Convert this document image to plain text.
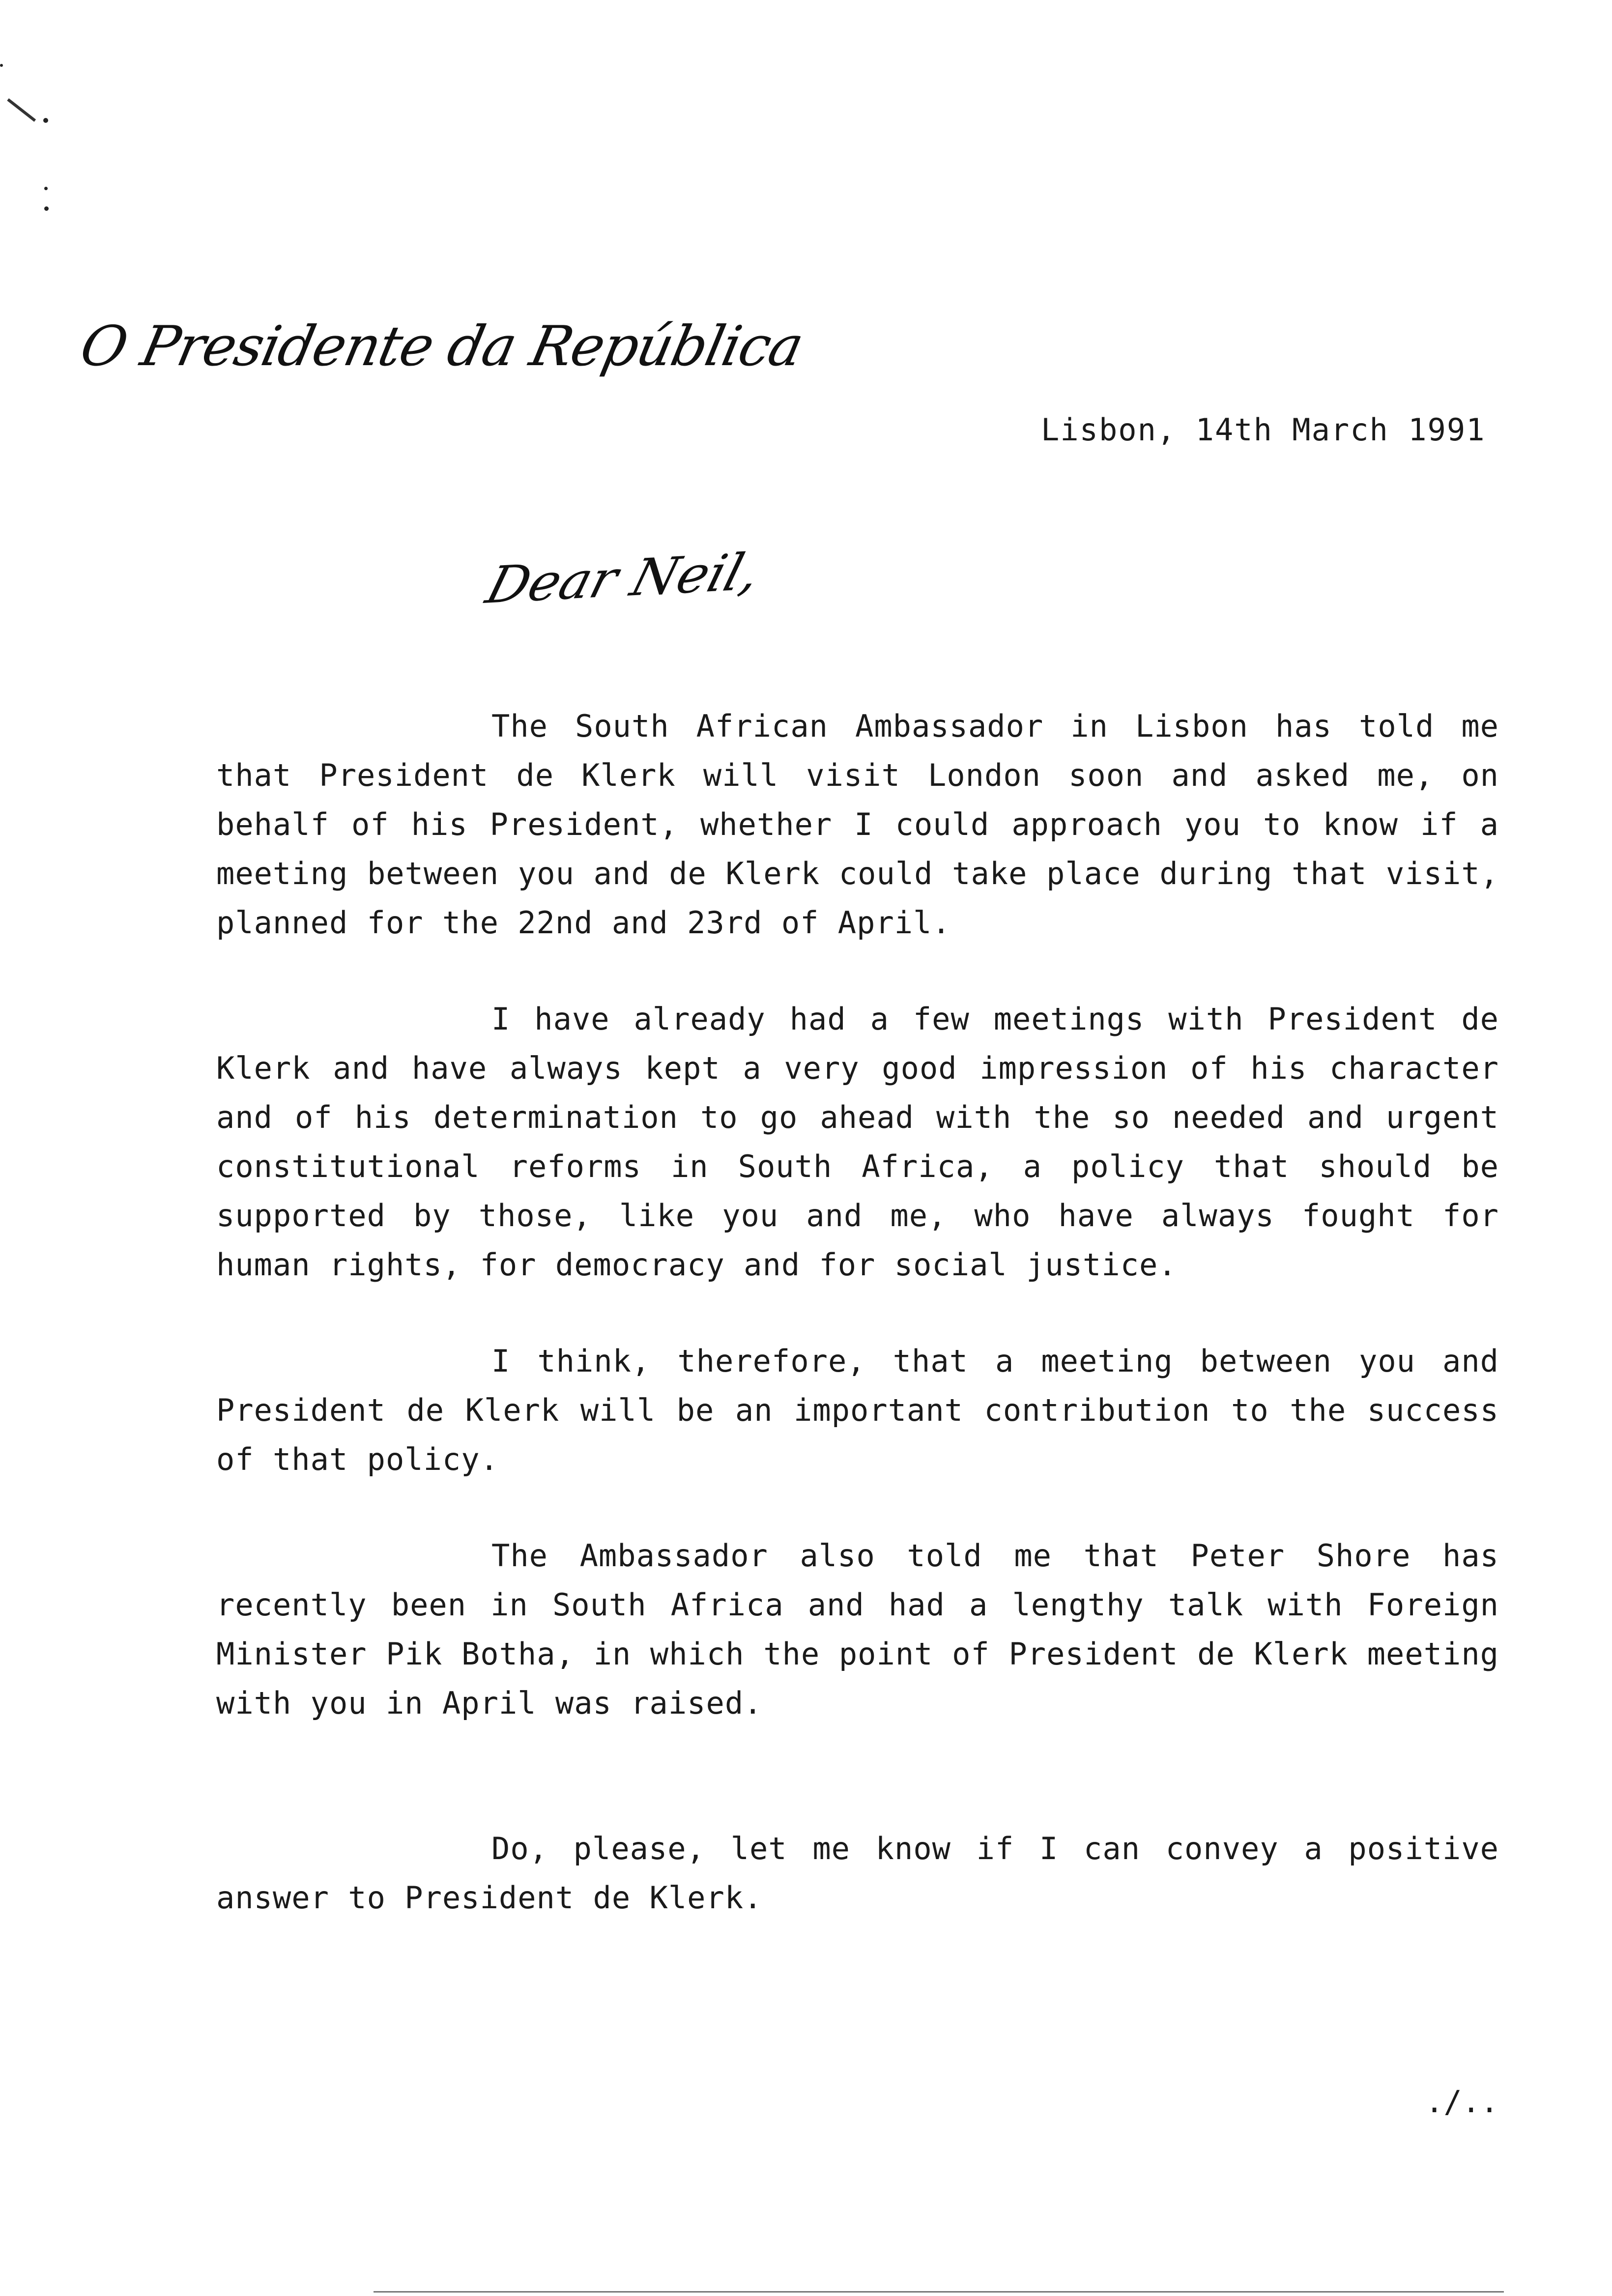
O Presidente da República
Lisbon, 14th March 1991
Dear Neil,

The South African Ambassador in Lisbon has told me that President de Klerk will visit London soon and asked me, on behalf of his President, whether I could approach you to know if a meeting between you and de Klerk could take place during that visit, planned for the 22nd and 23rd of April.

I have already had a few meetings with President de Klerk and have always kept a very good impression of his character and of his determination to go ahead with the so needed and urgent constitutional reforms in South Africa, a policy that should be supported by those, like you and me, who have always fought for human rights, for democracy and for social justice.

I think, therefore, that a meeting between you and President de Klerk will be an important contribution to the success of that policy.

The Ambassador also told me that Peter Shore has recently been in South Africa and had a lengthy talk with Foreign Minister Pik Botha, in which the point of President de Klerk meeting with you in April was raised.

Do, please, let me know if I can convey a positive answer to President de Klerk.

./..
